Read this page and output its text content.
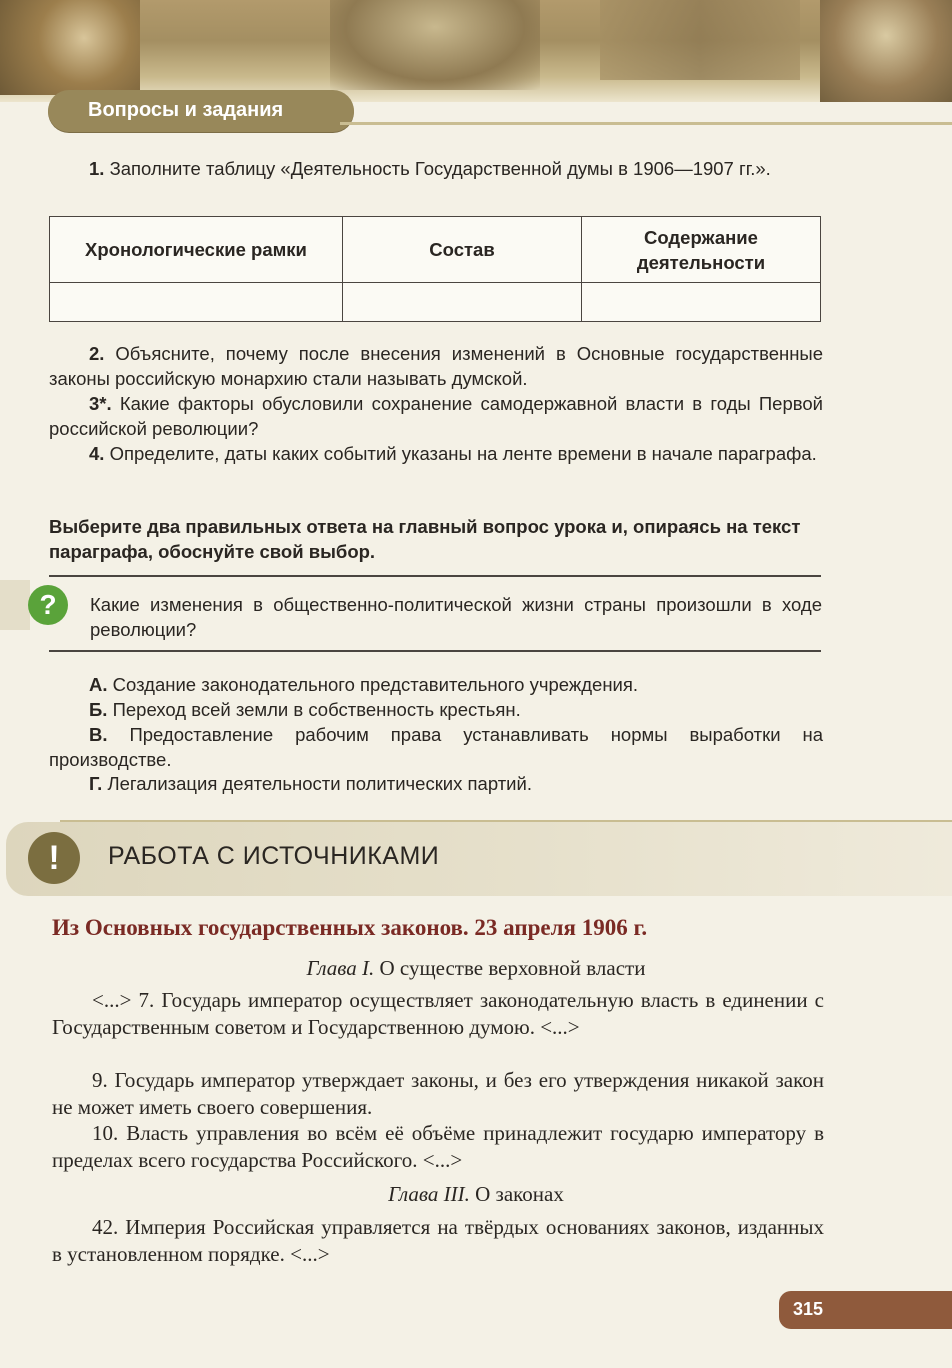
Вопросы и задания
1. Заполните таблицу «Деятельность Государственной думы в 1906—1907 гг.».
Хронологические рамки	Состав	Содержание деятельности

2. Объясните, почему после внесения изменений в Основные государственные законы российскую монархию стали называть думской.
3*. Какие факторы обусловили сохранение самодержавной власти в годы Первой российской революции?
4. Определите, даты каких событий указаны на ленте времени в начале параграфа.
Выберите два правильных ответа на главный вопрос урока и, опираясь на текст параграфа, обоснуйте свой выбор.
?	Какие изменения в общественно-политической жизни страны произошли в ходе революции?
А. Создание законодательного представительного учреждения.
Б. Переход всей земли в собственность крестьян.
В. Предоставление рабочим права устанавливать нормы выработки на производстве.
Г. Легализация деятельности политических партий.
!	РАБОТА С ИСТОЧНИКАМИ
Из Основных государственных законов. 23 апреля 1906 г.
Глава I. О существе верховной власти
<...> 7. Государь император осуществляет законодательную власть в единении с Государственным советом и Государственною думою. <...>
9. Государь император утверждает законы, и без его утверждения никакой закон не может иметь своего совершения.
10. Власть управления во всём её объёме принадлежит государю императору в пределах всего государства Российского. <...>
Глава III. О законах
42. Империя Российская управляется на твёрдых основаниях законов, изданных в установленном порядке. <...>
315
